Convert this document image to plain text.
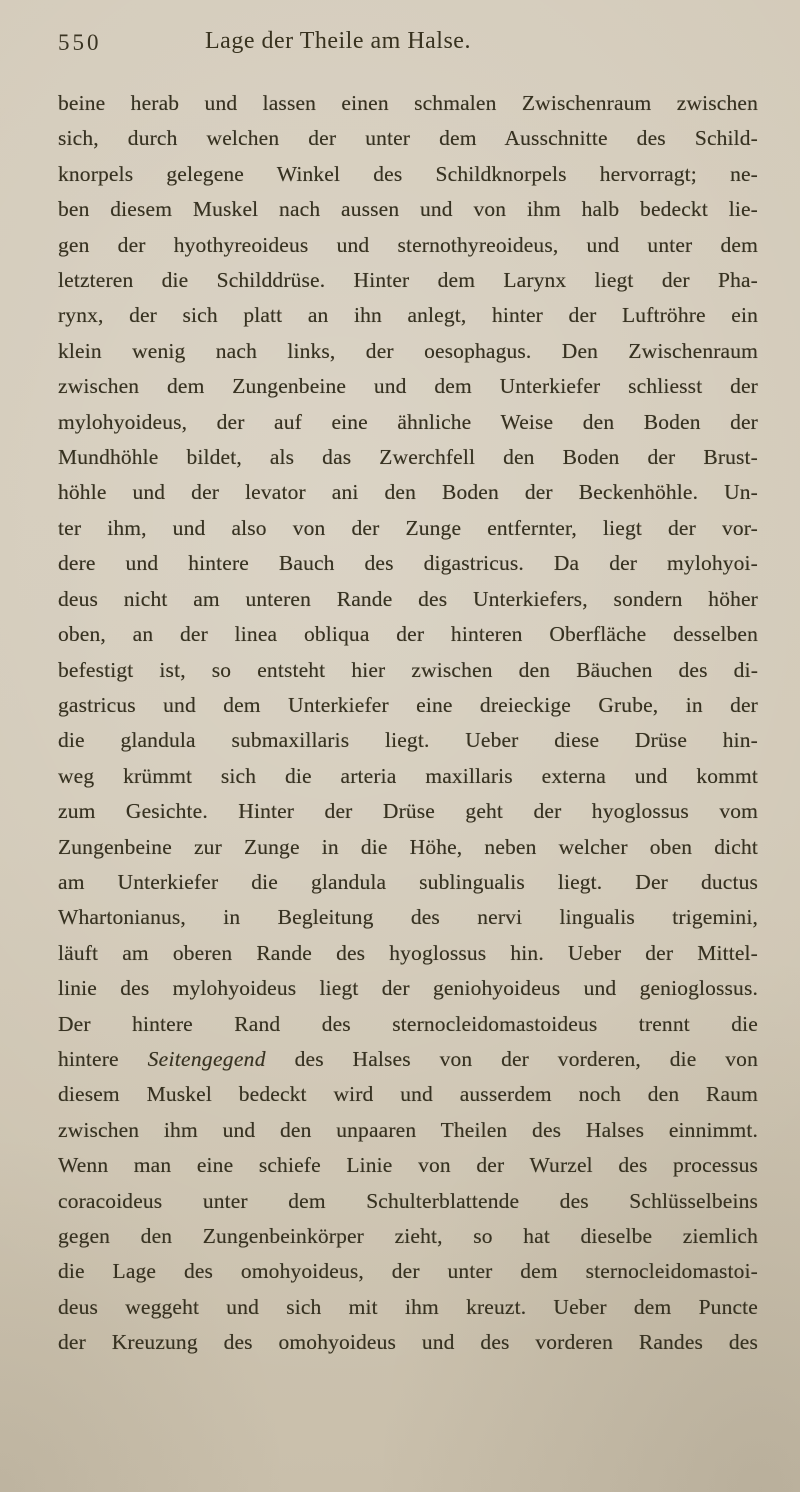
550	Lage der Theile am Halse.
beine herab und lassen einen schmalen Zwischenraum zwischen
sich, durch welchen der unter dem Ausschnitte des Schild-
knorpels gelegene Winkel des Schildknorpels hervorragt; ne-
ben diesem Muskel nach aussen und von ihm halb bedeckt lie-
gen der hyothyreoideus und sternothyreoideus, und unter dem
letzteren die Schilddrüse. Hinter dem Larynx liegt der Pha-
rynx, der sich platt an ihn anlegt, hinter der Luftröhre ein
klein wenig nach links, der oesophagus. Den Zwischenraum
zwischen dem Zungenbeine und dem Unterkiefer schliesst der
mylohyoideus, der auf eine ähnliche Weise den Boden der
Mundhöhle bildet, als das Zwerchfell den Boden der Brust-
höhle und der levator ani den Boden der Beckenhöhle. Un-
ter ihm, und also von der Zunge entfernter, liegt der vor-
dere und hintere Bauch des digastricus. Da der mylohyoi-
deus nicht am unteren Rande des Unterkiefers, sondern höher
oben, an der linea obliqua der hinteren Oberfläche desselben
befestigt ist, so entsteht hier zwischen den Bäuchen des di-
gastricus und dem Unterkiefer eine dreieckige Grube, in der
die glandula submaxillaris liegt. Ueber diese Drüse hin-
weg krümmt sich die arteria maxillaris externa und kommt
zum Gesichte. Hinter der Drüse geht der hyoglossus vom
Zungenbeine zur Zunge in die Höhe, neben welcher oben dicht
am Unterkiefer die glandula sublingualis liegt. Der ductus
Whartonianus, in Begleitung des nervi lingualis trigemini,
läuft am oberen Rande des hyoglossus hin. Ueber der Mittel-
linie des mylohyoideus liegt der geniohyoideus und genioglossus.
Der hintere Rand des sternocleidomastoideus trennt die
hintere Seitengegend des Halses von der vorderen, die von
diesem Muskel bedeckt wird und ausserdem noch den Raum
zwischen ihm und den unpaaren Theilen des Halses einnimmt.
Wenn man eine schiefe Linie von der Wurzel des processus
coracoideus unter dem Schulterblattende des Schlüsselbeins
gegen den Zungenbeinkörper zieht, so hat dieselbe ziemlich
die Lage des omohyoideus, der unter dem sternocleidomastoi-
deus weggeht und sich mit ihm kreuzt. Ueber dem Puncte
der Kreuzung des omohyoideus und des vorderen Randes des
